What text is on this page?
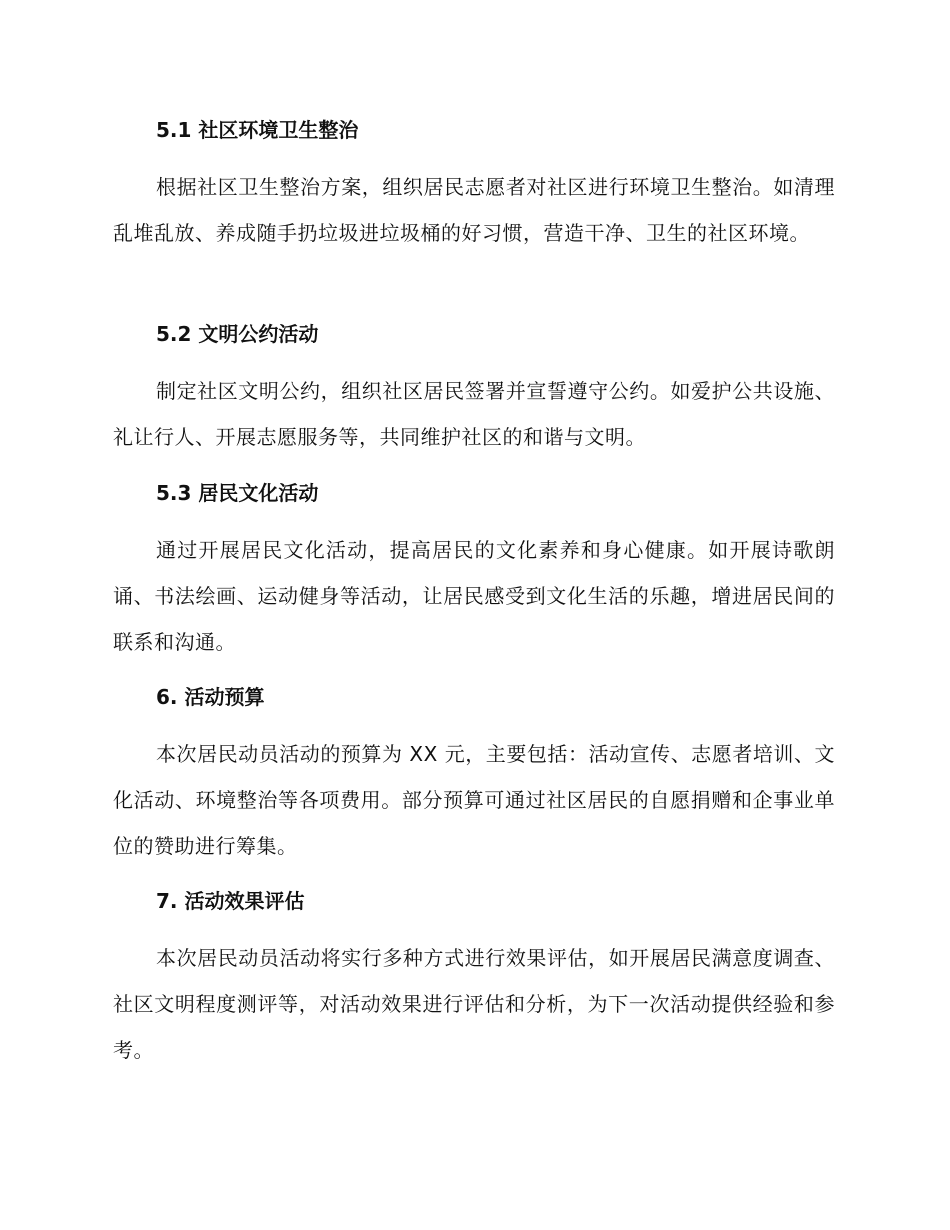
5.1 社区环境卫生整治

根据社区卫生整治方案，组织居民志愿者对社区进行环境卫生整治。如清理乱堆乱放、养成随手扔垃圾进垃圾桶的好习惯，营造干净、卫生的社区环境。

5.2 文明公约活动

制定社区文明公约，组织社区居民签署并宣誓遵守公约。如爱护公共设施、礼让行人、开展志愿服务等，共同维护社区的和谐与文明。

5.3 居民文化活动

通过开展居民文化活动，提高居民的文化素养和身心健康。如开展诗歌朗诵、书法绘画、运动健身等活动，让居民感受到文化生活的乐趣，增进居民间的联系和沟通。

6. 活动预算

本次居民动员活动的预算为 XX 元，主要包括：活动宣传、志愿者培训、文化活动、环境整治等各项费用。部分预算可通过社区居民的自愿捐赠和企事业单位的赞助进行筹集。

7. 活动效果评估

本次居民动员活动将实行多种方式进行效果评估，如开展居民满意度调查、社区文明程度测评等，对活动效果进行评估和分析，为下一次活动提供经验和参考。
